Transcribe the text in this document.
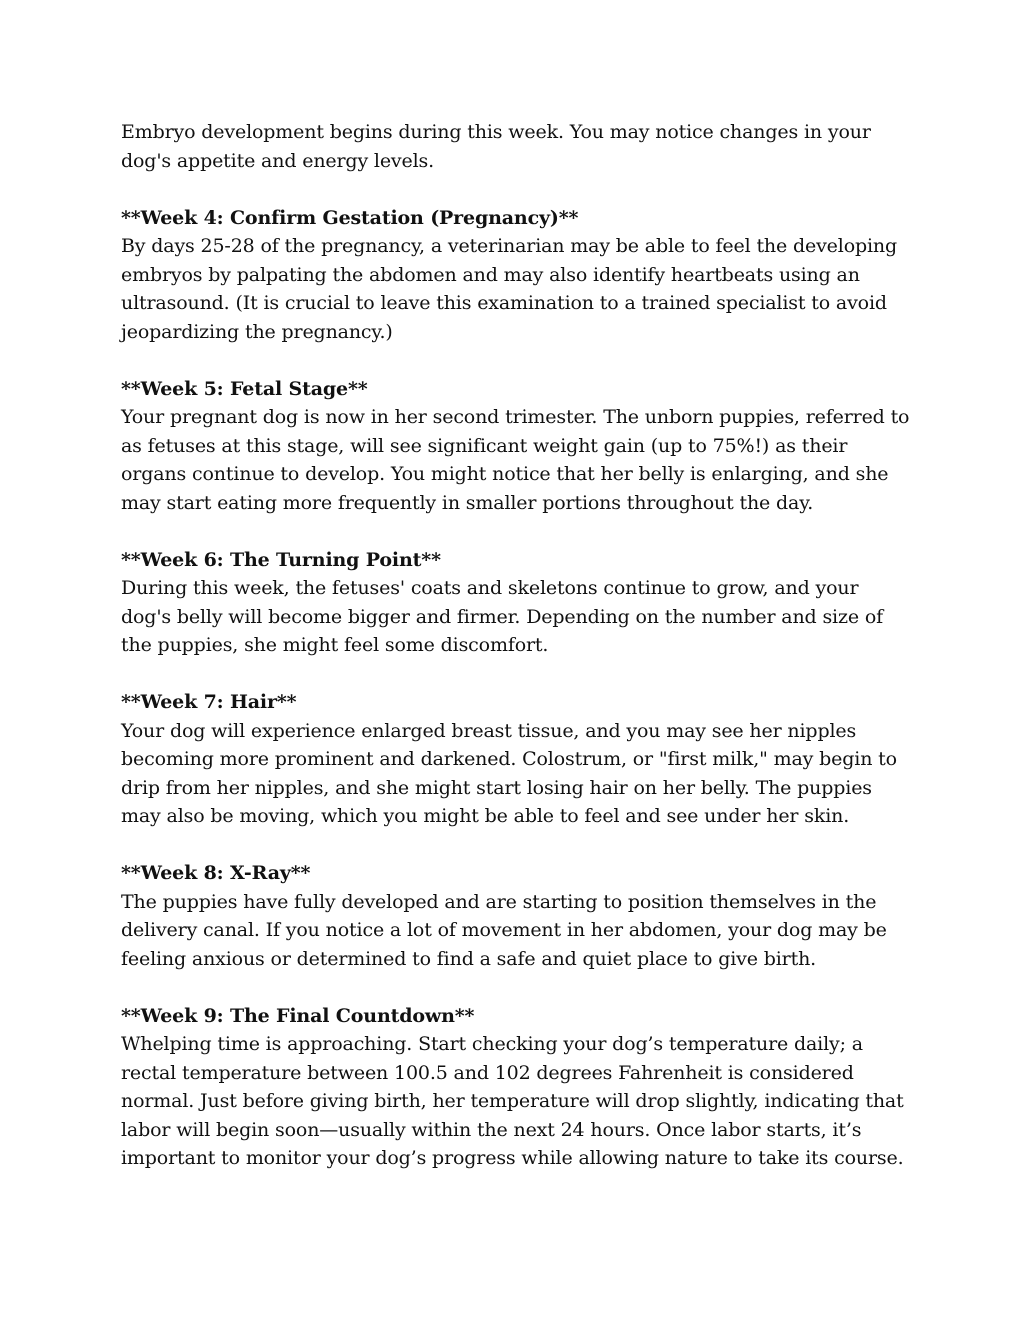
Embryo development begins during this week. You may notice changes in your dog's appetite and energy levels.

**Week 4: Confirm Gestation (Pregnancy)**

By days 25-28 of the pregnancy, a veterinarian may be able to feel the developing embryos by palpating the abdomen and may also identify heartbeats using an ultrasound. (It is crucial to leave this examination to a trained specialist to avoid jeopardizing the pregnancy.)

**Week 5: Fetal Stage**

Your pregnant dog is now in her second trimester. The unborn puppies, referred to as fetuses at this stage, will see significant weight gain (up to 75%!) as their organs continue to develop. You might notice that her belly is enlarging, and she may start eating more frequently in smaller portions throughout the day.

**Week 6: The Turning Point**

During this week, the fetuses' coats and skeletons continue to grow, and your dog's belly will become bigger and firmer. Depending on the number and size of the puppies, she might feel some discomfort.

**Week 7: Hair**

Your dog will experience enlarged breast tissue, and you may see her nipples becoming more prominent and darkened. Colostrum, or "first milk," may begin to drip from her nipples, and she might start losing hair on her belly. The puppies may also be moving, which you might be able to feel and see under her skin.

**Week 8: X-Ray**

The puppies have fully developed and are starting to position themselves in the delivery canal. If you notice a lot of movement in her abdomen, your dog may be feeling anxious or determined to find a safe and quiet place to give birth.

**Week 9: The Final Countdown**

Whelping time is approaching. Start checking your dog’s temperature daily; a rectal temperature between 100.5 and 102 degrees Fahrenheit is considered normal. Just before giving birth, her temperature will drop slightly, indicating that labor will begin soon—usually within the next 24 hours. Once labor starts, it’s important to monitor your dog’s progress while allowing nature to take its course.
